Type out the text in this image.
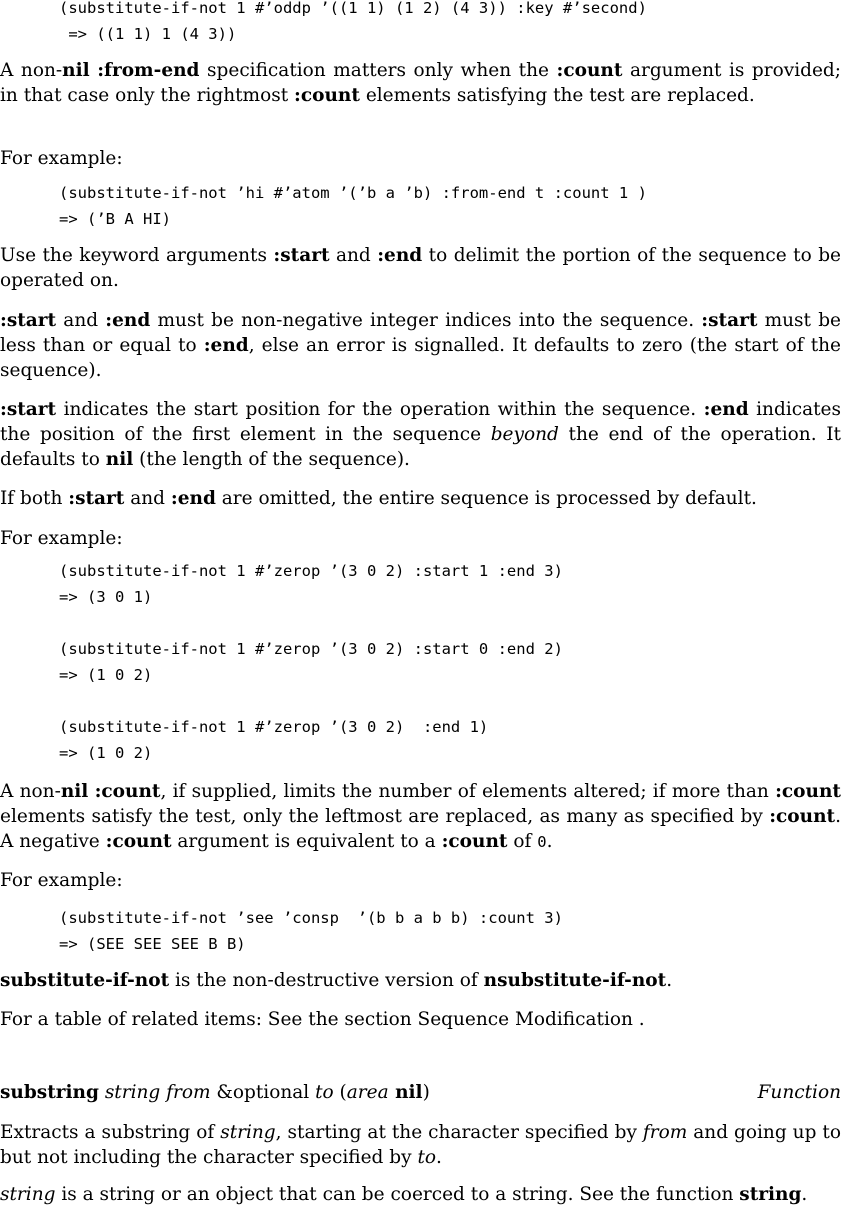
(substitute-if-not 1 #’oddp ’((1 1) (1 2) (4 3)) :key #’second)
=> ((1 1) 1 (4 3))
A non-nil :from-end specification matters only when the :count argument is provided; in that case only the rightmost :count elements satisfying the test are replaced.
For example:
(substitute-if-not ’hi #’atom ’(’b a ’b) :from-end t :count 1 )
=> (’B A HI)
Use the keyword arguments :start and :end to delimit the portion of the sequence to be operated on.
:start and :end must be non-negative integer indices into the sequence. :start must be less than or equal to :end, else an error is signalled. It defaults to zero (the start of the sequence).
:start indicates the start position for the operation within the sequence. :end indicates the position of the first element in the sequence beyond the end of the operation. It defaults to nil (the length of the sequence).
If both :start and :end are omitted, the entire sequence is processed by default.
For example:
(substitute-if-not 1 #’zerop ’(3 0 2) :start 1 :end 3)
=> (3 0 1)

(substitute-if-not 1 #’zerop ’(3 0 2) :start 0 :end 2)
=> (1 0 2)

(substitute-if-not 1 #’zerop ’(3 0 2)  :end 1)
=> (1 0 2)
A non-nil :count, if supplied, limits the number of elements altered; if more than :count elements satisfy the test, only the leftmost are replaced, as many as specified by :count. A negative :count argument is equivalent to a :count of 0.
For example:
(substitute-if-not ’see ’consp  ’(b b a b b) :count 3)
=> (SEE SEE SEE B B)
substitute-if-not is the non-destructive version of nsubstitute-if-not.
For a table of related items: See the section Sequence Modification .
substring string from &optional to (area nil)	Function
Extracts a substring of string, starting at the character specified by from and going up to but not including the character specified by to.
string is a string or an object that can be coerced to a string. See the function string.
